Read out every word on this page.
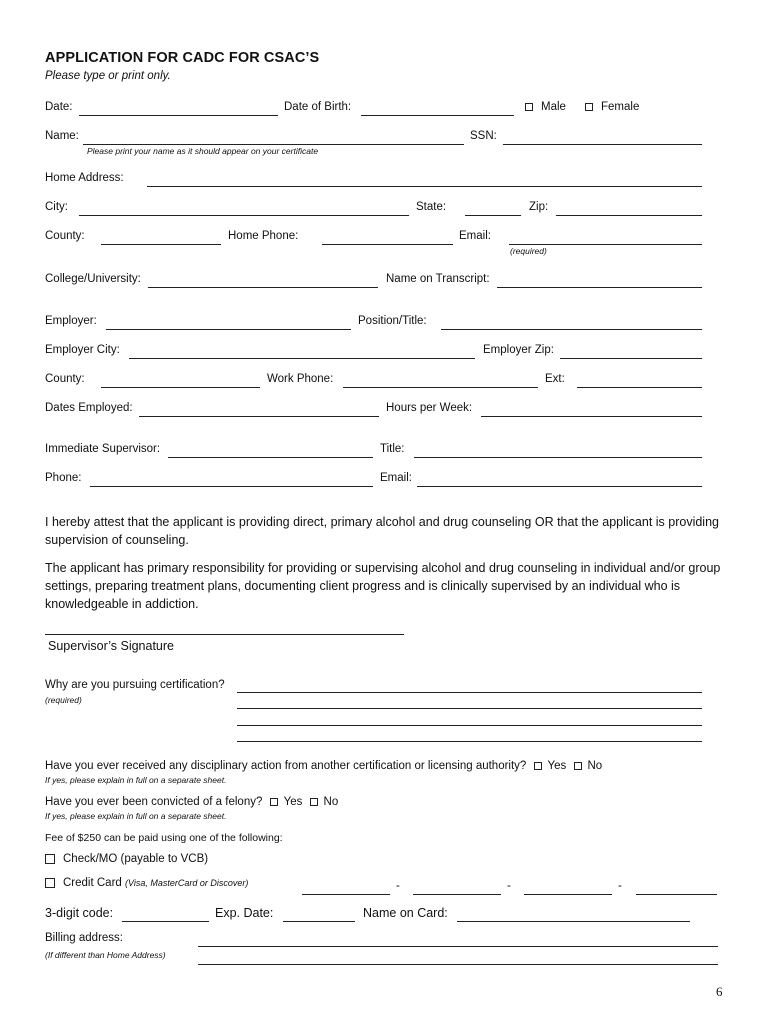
APPLICATION FOR CADC FOR CSAC’S
Please type or print only.
Date:	Date of Birth:	Male	Female
Name:	SSN:
Please print your name as it should appear on your certificate
Home Address:
City:	State:	Zip:
County:	Home Phone:	Email:
(required)
College/University:	Name on Transcript:
Employer:	Position/Title:
Employer City:	Employer Zip:
County:	Work Phone:	Ext:
Dates Employed:	Hours per Week:
Immediate Supervisor:	Title:
Phone:	Email:
I hereby attest that the applicant is providing direct, primary alcohol and drug counseling OR that the applicant is providing supervision of counseling.
The applicant has primary responsibility for providing or supervising alcohol and drug counseling in individual and/or group settings, preparing treatment plans, documenting client progress and is clinically supervised by an individual who is knowledgeable in addiction.
Supervisor’s Signature
Why are you pursuing certification?
(required)
Have you ever received any disciplinary action from another certification or licensing authority? Yes No
If yes, please explain in full on a separate sheet.
Have you ever been convicted of a felony? Yes No
If yes, please explain in full on a separate sheet.
Fee of $250 can be paid using one of the following:
Check/MO (payable to VCB)
Credit Card (Visa, MasterCard or Discover)	-	-	-
3-digit code:	Exp. Date:	Name on Card:
Billing address:
(If different than Home Address)
6
